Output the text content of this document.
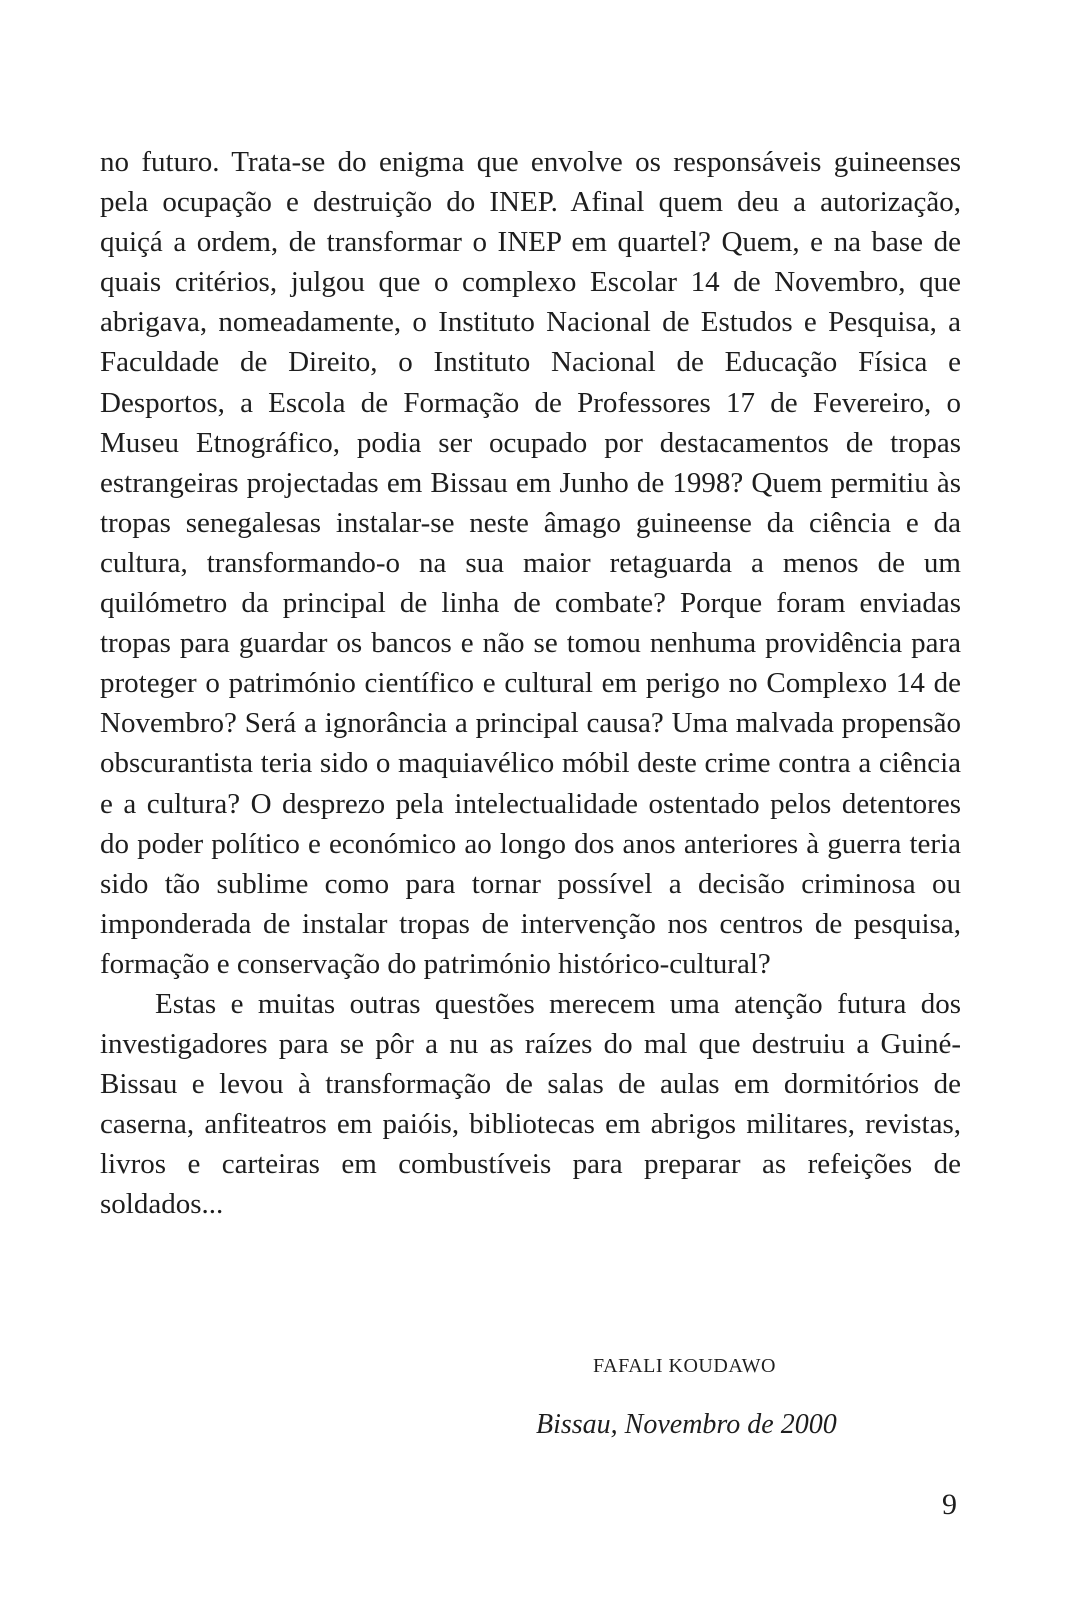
no futuro. Trata-se do enigma que envolve os responsáveis guineenses pela ocupação e destruição do INEP. Afinal quem deu a autorização, quiçá a ordem, de transformar o INEP em quartel? Quem, e na base de quais critérios, julgou que o complexo Escolar 14 de Novembro, que abrigava, nomeadamente, o Instituto Nacional de Estudos e Pesquisa, a Faculdade de Direito, o Instituto Nacional de Educação Física e Desportos, a Escola de Formação de Professores 17 de Fevereiro, o Museu Etnográfico, podia ser ocupado por destacamentos de tropas estrangeiras projectadas em Bissau em Junho de 1998? Quem permitiu às tropas senegalesas instalar-se neste âmago guineense da ciência e da cultura, transformando-o na sua maior retaguarda a menos de um quilómetro da principal de linha de combate? Porque foram enviadas tropas para guardar os bancos e não se tomou nenhuma providência para proteger o património científico e cultural em perigo no Complexo 14 de Novembro? Será a ignorância a principal causa? Uma malvada propensão obscurantista teria sido o maquiavélico móbil deste crime contra a ciência e a cultura? O desprezo pela intelectualidade ostentado pelos detentores do poder político e económico ao longo dos anos anteriores à guerra teria sido tão sublime como para tornar possível a decisão criminosa ou imponderada de instalar tropas de intervenção nos centros de pesquisa, formação e conservação do património histórico-cultural?

Estas e muitas outras questões merecem uma atenção futura dos investigadores para se pôr a nu as raízes do mal que destruiu a Guiné-Bissau e levou à transformação de salas de aulas em dormitórios de caserna, anfiteatros em paióis, bibliotecas em abrigos militares, revistas, livros e carteiras em combustíveis para preparar as refeições de soldados...

FAFALI KOUDAWO
Bissau, Novembro de 2000
9
